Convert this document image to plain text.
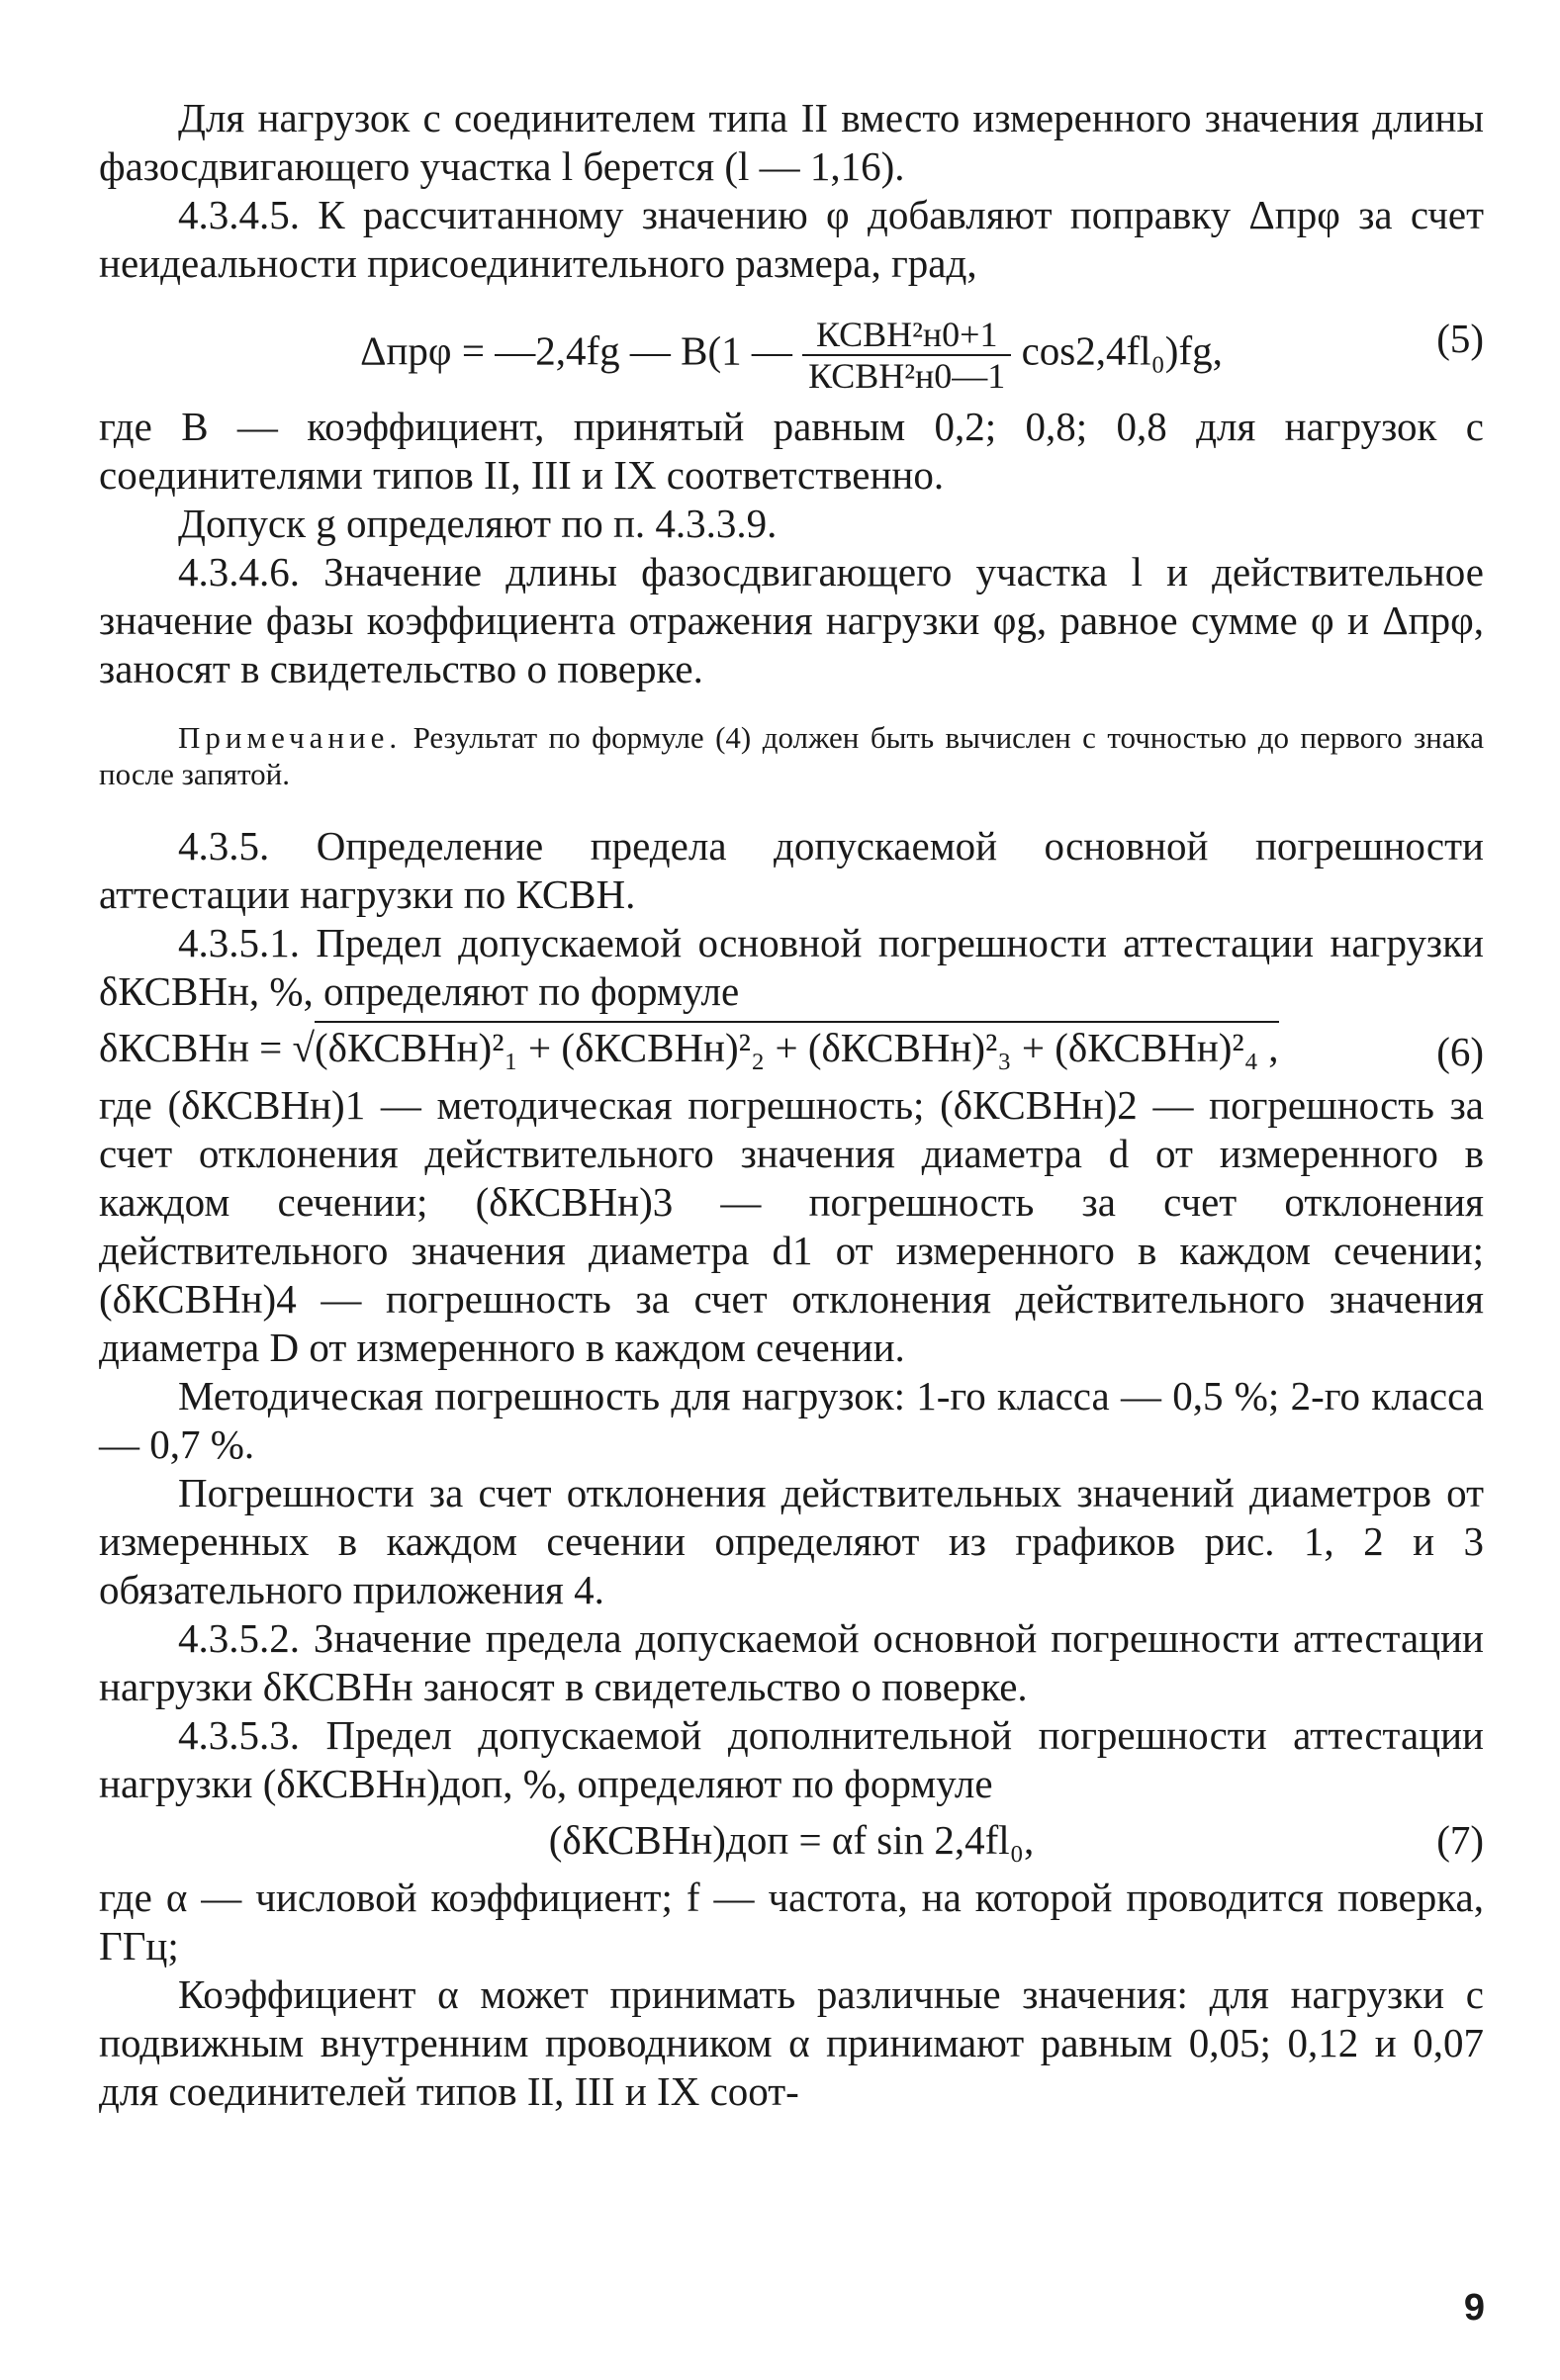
Для нагрузок с соединителем типа II вместо измеренного значения длины фазосдвигающего участка l берется (l — 1,16).

4.3.4.5. К рассчитанному значению φ добавляют поправку Δпрφ за счет неидеальности присоединительного размера, град,

Δпрφ = —2,4fg — B(1 — $\frac{\text{КСВН²н0+1}}{\text{КСВН²н0—1}} \cos 2,4fl_0)fg$,	(5)

где B — коэффициент, принятый равным 0,2; 0,8; 0,8 для нагрузок с соединителями типов II, III и IX соответственно.

Допуск g определяют по п. 4.3.3.9.

4.3.4.6. Значение длины фазосдвигающего участка l и действительное значение фазы коэффициента отражения нагрузки φg, равное сумме φ и Δпрφ, заносят в свидетельство о поверке.

Примечание. Результат по формуле (4) должен быть вычислен с точностью до первого знака после запятой.

4.3.5. Определение предела допускаемой основной погрешности аттестации нагрузки по КСВН.

4.3.5.1. Предел допускаемой основной погрешности аттестации нагрузки δКСВНн, %, определяют по формуле

δКСВНн = √(δКСВНн)²₁ + (δКСВНн)²₂ + (δКСВНн)²₃ + (δКСВНн)²₄ ,	(6)

где (δКСВНн)1 — методическая погрешность; (δКСВНн)2 — погрешность за счет отклонения действительного значения диаметра d от измеренного в каждом сечении; (δКСВНн)3 — погрешность за счет отклонения действительного значения диаметра d1 от измеренного в каждом сечении; (δКСВНн)4 — погрешность за счет отклонения действительного значения диаметра D от измеренного в каждом сечении.

Методическая погрешность для нагрузок: 1-го класса — 0,5 %; 2-го класса — 0,7 %.

Погрешности за счет отклонения действительных значений диаметров от измеренных в каждом сечении определяют из графиков рис. 1, 2 и 3 обязательного приложения 4.

4.3.5.2. Значение предела допускаемой основной погрешности аттестации нагрузки δКСВНн заносят в свидетельство о поверке.

4.3.5.3. Предел допускаемой дополнительной погрешности аттестации нагрузки (δКСВНн)доп, %, определяют по формуле

(δКСВНн)доп = αf sin 2,4fl₀,	(7)

где α — числовой коэффициент; f — частота, на которой проводится поверка, ГГц;

Коэффициент α может принимать различные значения: для нагрузки с подвижным внутренним проводником α принимают равным 0,05; 0,12 и 0,07 для соединителей типов II, III и IX соот-

9
